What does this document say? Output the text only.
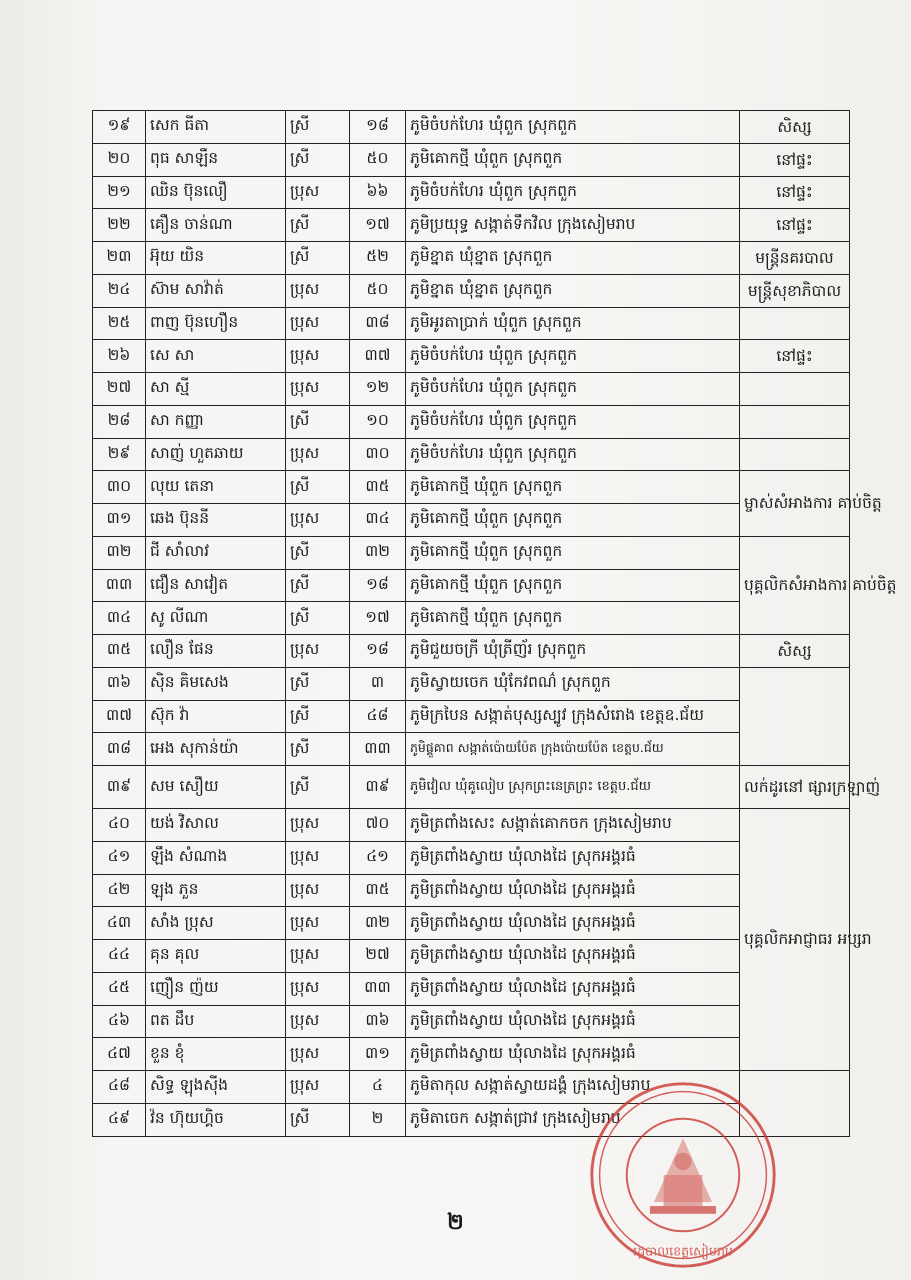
១៩	សេក ធីតា	ស្រី	១៨	ភូមិចំបក់ហែរ ឃុំពួក ស្រុកពួក	សិស្ស
២០	ពុធ សាឡឺន	ស្រី	៥០	ភូមិគោកថ្មី ឃុំពួក ស្រុកពួក	នៅផ្ទះ
២១	ឈិន ប៊ុនលឿ	ប្រុស	៦៦	ភូមិចំបក់ហែរ ឃុំពួក ស្រុកពួក	នៅផ្ទះ
២២	គឿន ចាន់ណា	ស្រី	១៧	ភូមិប្រយុទ្ធ សង្កាត់ទឹកវិល ក្រុងសៀមរាប	នៅផ្ទះ
២៣	អ៊ុយ យិន	ស្រី	៥២	ភូមិខ្នាត ឃុំខ្នាត ស្រុកពួក	មន្ត្រីនគរបាល
២៤	ស៊ាម សាវ៉ាត់	ប្រុស	៥០	ភូមិខ្នាត ឃុំខ្នាត ស្រុកពួក	មន្ត្រីសុខាភិបាល
២៥	ពាញ ប៊ុនហឿន	ប្រុស	៣៨	ភូមិអូរតាប្រាក់ ឃុំពួក ស្រុកពួក	
២៦	សេ សា	ប្រុស	៣៧	ភូមិចំបក់ហែរ ឃុំពួក ស្រុកពួក	នៅផ្ទះ
២៧	សា ស្មី	ប្រុស	១២	ភូមិចំបក់ហែរ ឃុំពួក ស្រុកពួក	
២៨	សា កញ្ញា	ស្រី	១០	ភូមិចំបក់ហែរ ឃុំពួក ស្រុកពួក	
២៩	សាញ់ ហួតឆាយ	ប្រុស	៣០	ភូមិចំបក់ហែរ ឃុំពួក ស្រុកពួក	
៣០	លុយ តេនា	ស្រី	៣៥	ភូមិគោកថ្មី ឃុំពួក ស្រុកពួក	ម្ចាស់សំអាងការ គាប់ចិត្ត
៣១	ឆេង ប៊ុននី	ប្រុស	៣៤	ភូមិគោកថ្មី ឃុំពួក ស្រុកពួក	
៣២	ជី សាំលាវ	ស្រី	៣២	ភូមិគោកថ្មី ឃុំពួក ស្រុកពួក	បុគ្គលិកសំអាងការ គាប់ចិត្ត
៣៣	ជឿន សាវៀត	ស្រី	១៨	ភូមិគោកថ្មី ឃុំពួក ស្រុកពួក	
៣៤	សូ លីណា	ស្រី	១៧	ភូមិគោកថ្មី ឃុំពួក ស្រុកពួក	
៣៥	លឿន ផែន	ប្រុស	១៨	ភូមិជួយចក្រី ឃុំត្រីញ័រ ស្រុកពួក	សិស្ស
៣៦	ស៊ិន គិមសេង	ស្រី	៣	ភូមិស្វាយចេក ឃុំកែវពណ៌ ស្រុកពួក	
៣៧	ស៊ុក វ៉ា	ស្រី	៤៨	ភូមិក្របៃន សង្កាត់បុស្សស្បូវ ក្រុងសំរោង ខេត្តឧ.ជ័យ	
៣៨	អេង សុកាន់យ៉ា	ស្រី	៣៣	ភូមិផ្គួគាព សង្កាត់ប៉ោយប៉ែត ក្រុងប៉ោយប៉ែត ខេត្តប.ជ័យ	
៣៩	សម សឿយ	ស្រី	៣៩	ភូមិវៀល ឃុំគូលៀប ស្រុកព្រះនេត្រព្រះ ខេត្តប.ជ័យ	លក់ដូរនៅ ផ្សារក្រឡាញ់
៤០	យង់ វិសាល	ប្រុស	៧០	ភូមិត្រពាំងសេះ សង្កាត់គោកចក ក្រុងសៀមរាប	បុគ្គលិកអាជ្ញាធរ អប្សរា
៤១	ឡឹង សំណាង	ប្រុស	៤១	ភូមិត្រពាំងស្វាយ ឃុំលាងដៃ ស្រុកអង្គរធំ	
៤២	ឡុង ភួន	ប្រុស	៣៥	ភូមិត្រពាំងស្វាយ ឃុំលាងដៃ ស្រុកអង្គរធំ	
៤៣	សាំង ប្រុស	ប្រុស	៣២	ភូមិត្រពាំងស្វាយ ឃុំលាងដៃ ស្រុកអង្គរធំ	
៤៤	គុន គុល	ប្រុស	២៧	ភូមិត្រពាំងស្វាយ ឃុំលាងដៃ ស្រុកអង្គរធំ	
៤៥	ញឿន ញ៉យ	ប្រុស	៣៣	ភូមិត្រពាំងស្វាយ ឃុំលាងដៃ ស្រុកអង្គរធំ	
៤៦	ពត ដឹប	ប្រុស	៣៦	ភូមិត្រពាំងស្វាយ ឃុំលាងដៃ ស្រុកអង្គរធំ	
៤៧	ខួន ខុំ	ប្រុស	៣១	ភូមិត្រពាំងស្វាយ ឃុំលាងដៃ ស្រុកអង្គរធំ	
៤៨	សិទ្ធ ឡុងស៊ីង	ប្រុស	៤	ភូមិតាកុល សង្កាត់ស្វាយដង្គំ ក្រុងសៀមរាប	
៤៩	វ៉ន ហ៊ុយហ្គិច	ស្រី	២	ភូមិតាចេក សង្កាត់ជ្រាវ ក្រុងសៀមរាប	
រដ្ឋបាលខេត្តសៀមរាប
២
